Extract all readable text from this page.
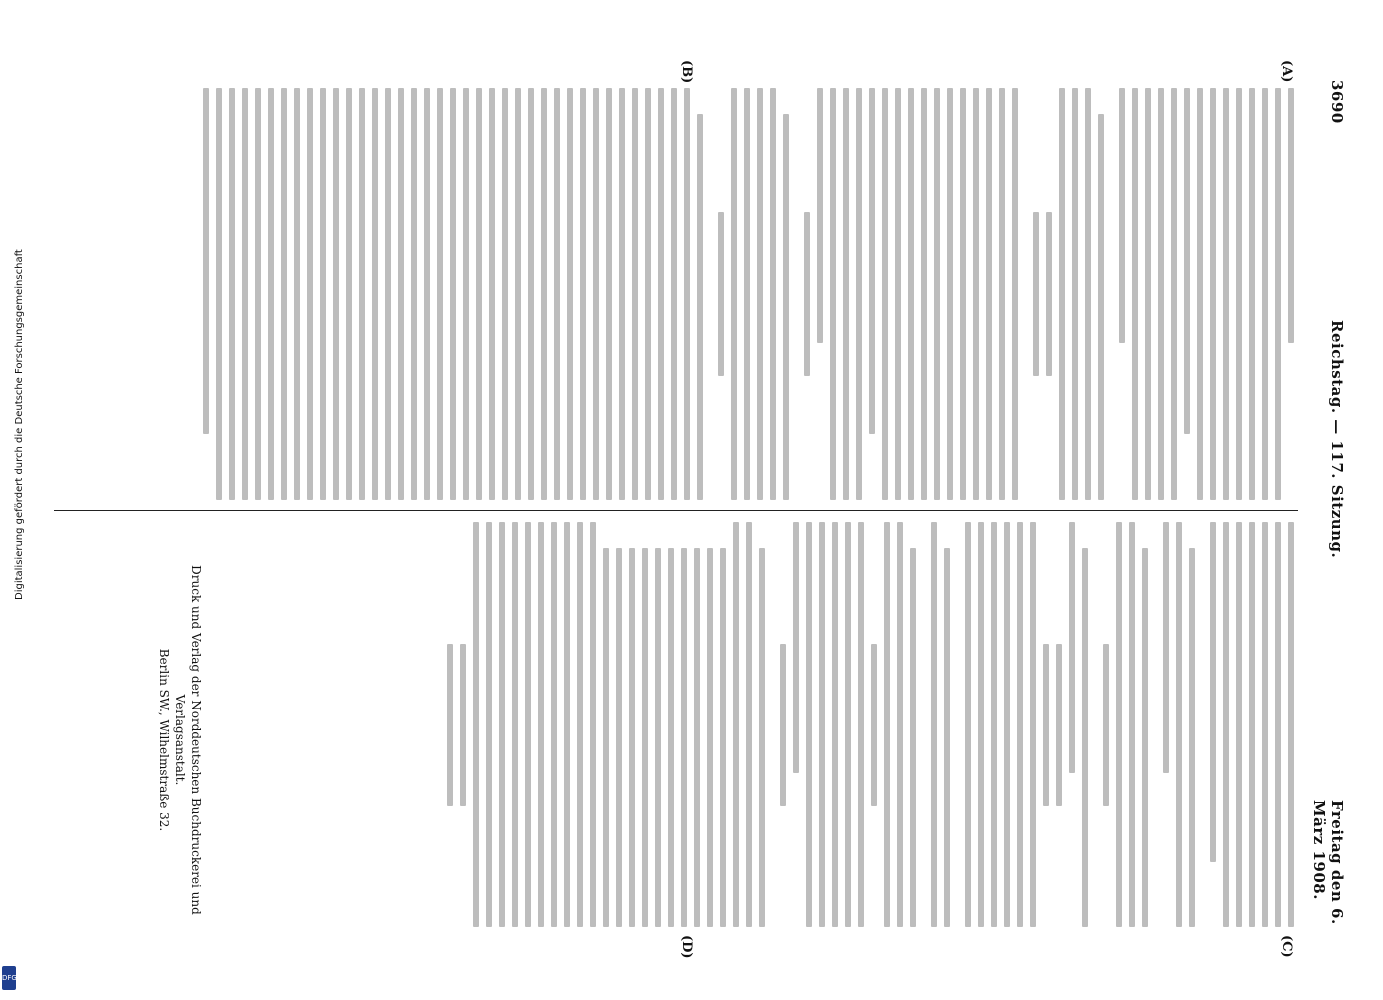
Digitalisierung gefördert durch die Deutsche Forschungsgemeinschaft
DFG
3690
Reichstag. — 117. Sitzung.
Freitag den 6. März 1908.
(A)
(B)
(C)
(D)
Druck und Verlag der Norddeutschen Buchdruckerei und Verlagsanstalt.
Berlin SW., Wilhelmstraße 32.
